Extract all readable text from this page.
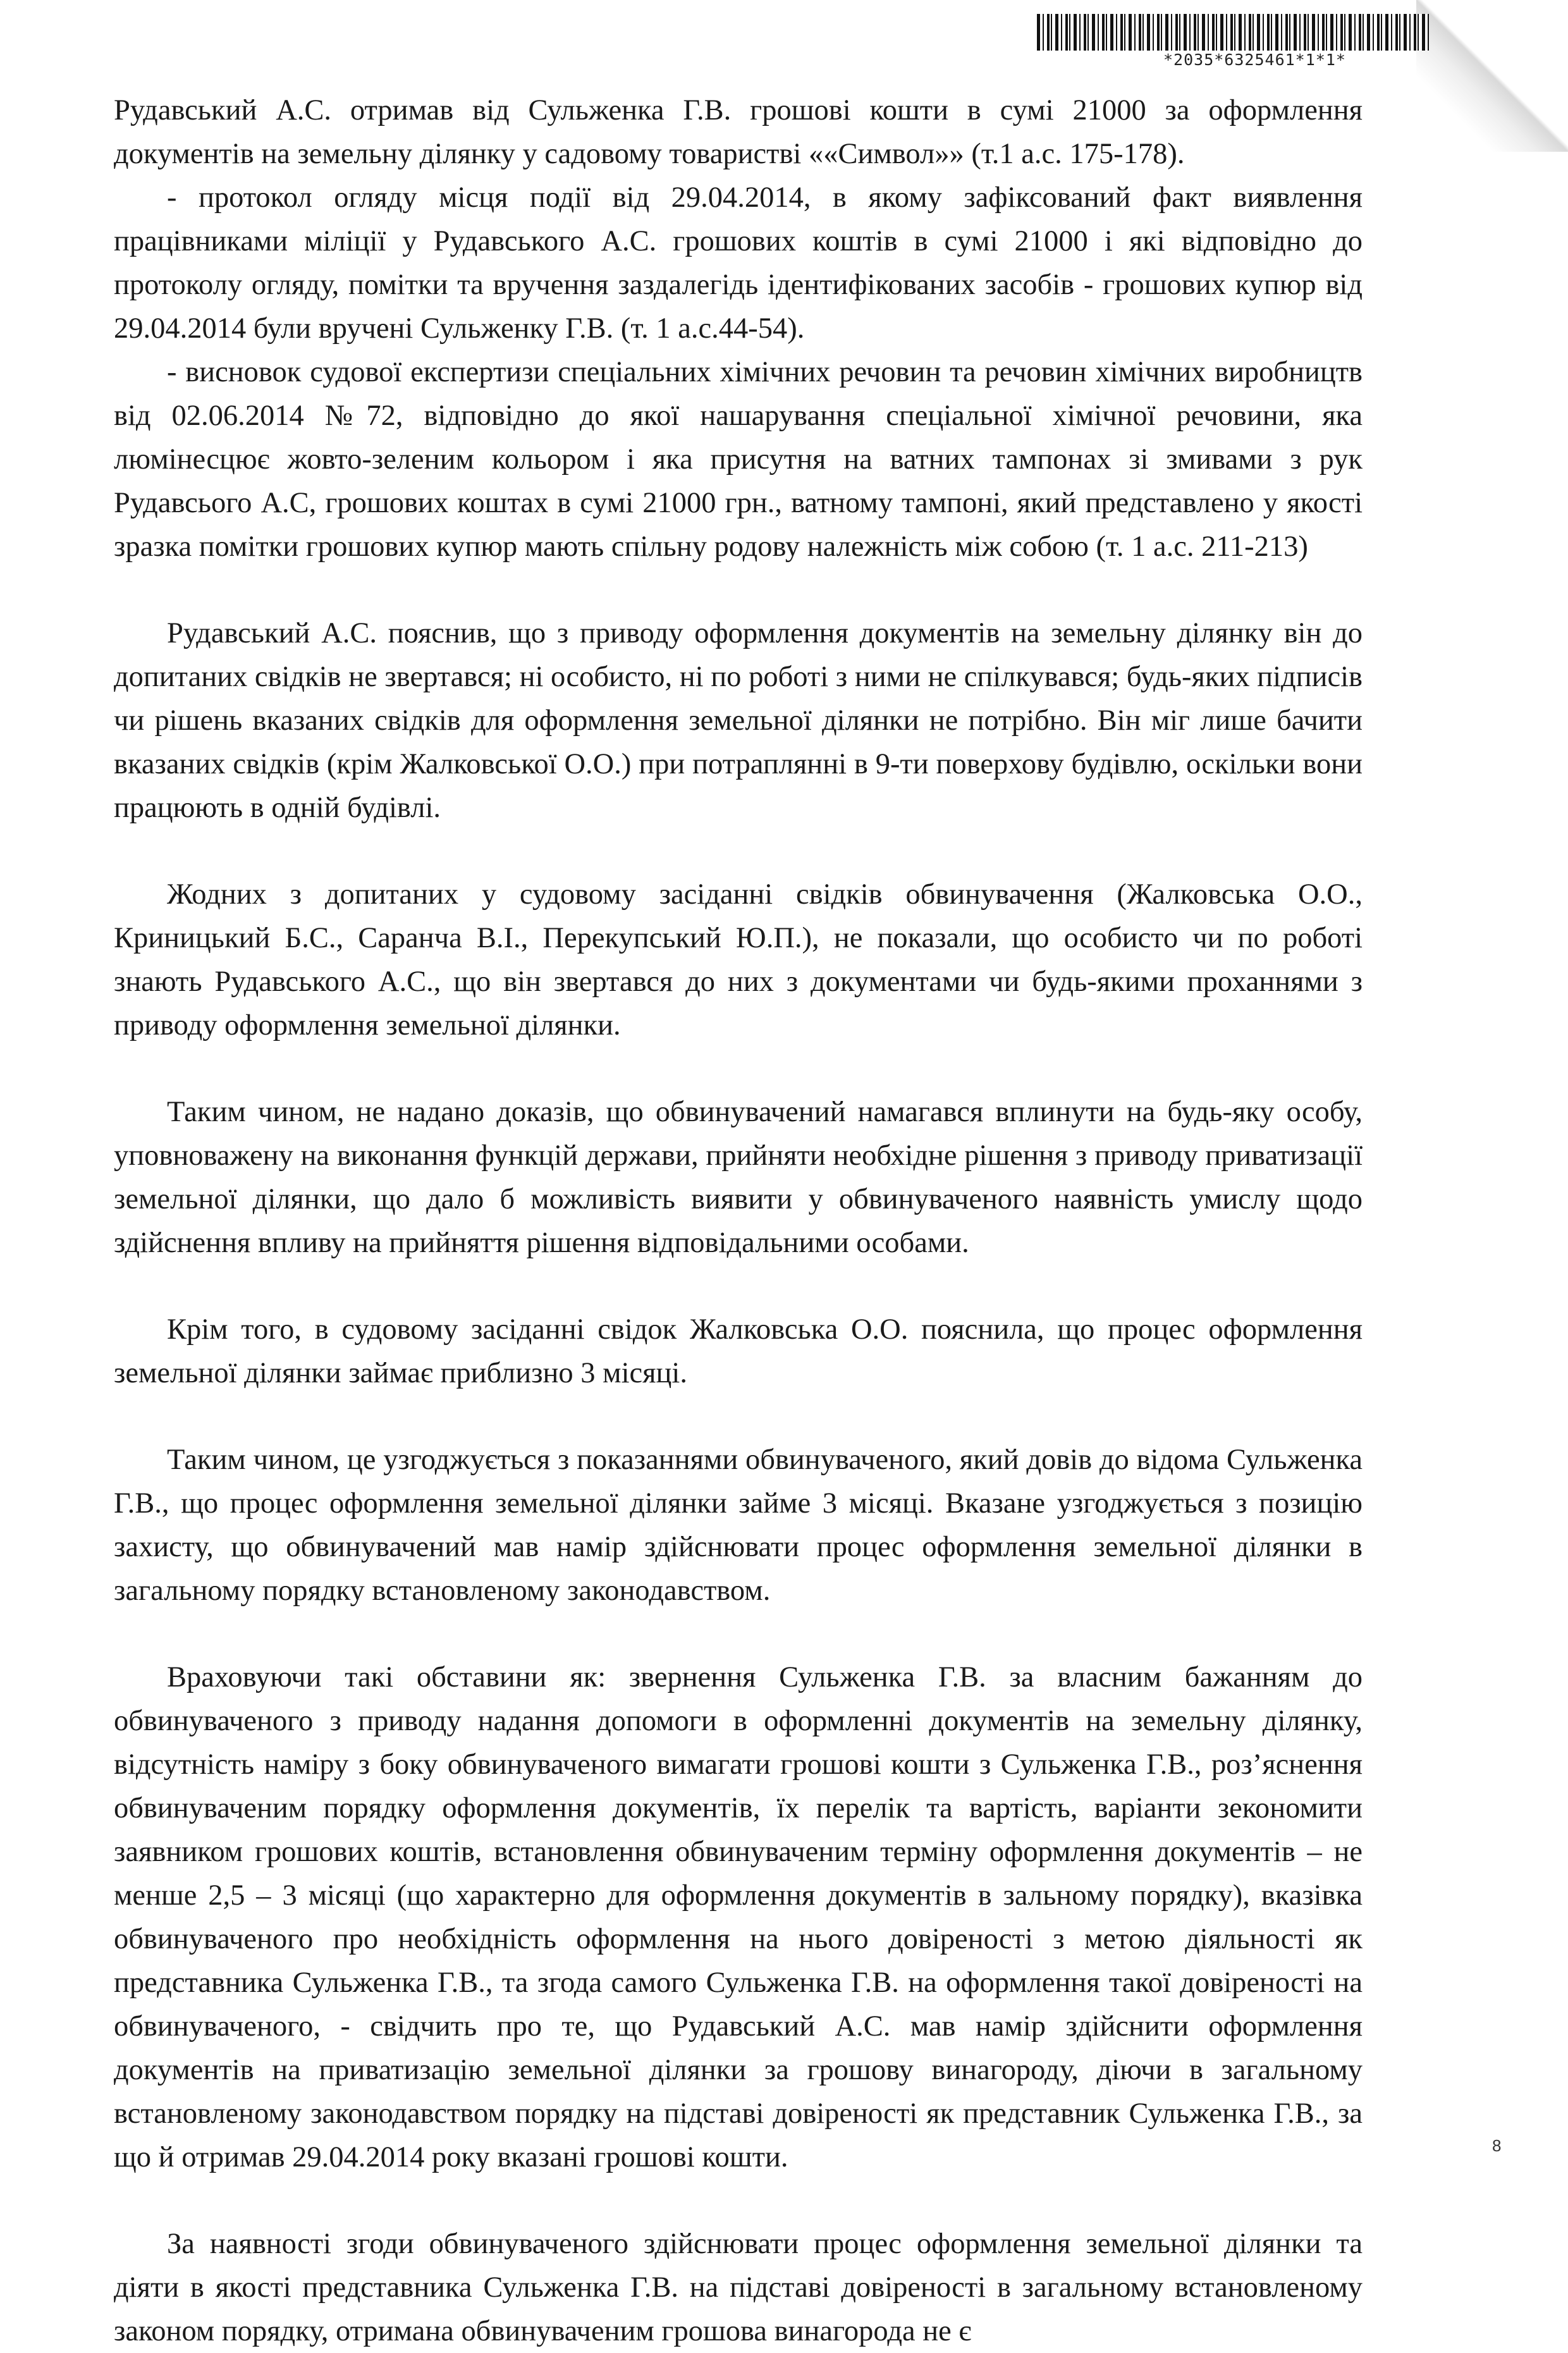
*2035*6325461*1*1*

Рудавський А.С. отримав від Сульженка Г.В. грошові кошти в сумі 21000 за оформлення документів на земельну ділянку у садовому товаристві ««Символ»» (т.1 а.с. 175-178).

- протокол огляду місця події від 29.04.2014, в якому зафіксований факт виявлення працівниками міліції у Рудавського А.С. грошових коштів в сумі 21000 і які відповідно до протоколу огляду, помітки та вручення заздалегідь ідентифікованих засобів - грошових купюр від 29.04.2014 були вручені Сульженку Г.В. (т. 1 а.с.44-54).

- висновок судової експертизи спеціальних хімічних речовин та речовин хімічних виробництв від 02.06.2014 №72, відповідно до якої нашарування спеціальної хімічної речовини, яка люмінесцює жовто-зеленим кольором і яка присутня на ватних тампонах зі змивами з рук Рудавсього А.С, грошових коштах в сумі 21000 грн., ватному тампоні, який представлено у якості зразка помітки грошових купюр мають спільну родову належність між собою (т. 1 а.с. 211-213)

Рудавський А.С. пояснив, що з приводу оформлення документів на земельну ділянку він до допитаних свідків не звертався; ні особисто, ні по роботі з ними не спілкувався; будь-яких підписів чи рішень вказаних свідків для оформлення земельної ділянки не потрібно. Він міг лише бачити вказаних свідків (крім Жалковської О.О.) при потраплянні в 9-ти поверхову будівлю, оскільки вони працюють в одній будівлі.

Жодних з допитаних у судовому засіданні свідків обвинувачення (Жалковська О.О., Криницький Б.С., Саранча В.І., Перекупський Ю.П.), не показали, що особисто чи по роботі знають Рудавського А.С., що він звертався до них з документами чи будь-якими проханнями з приводу оформлення земельної ділянки.

Таким чином, не надано доказів, що обвинувачений намагався вплинути на будь-яку особу, уповноважену на виконання функцій держави, прийняти необхідне рішення з приводу приватизації земельної ділянки, що дало б можливість виявити у обвинуваченого наявність умислу щодо здійснення впливу на прийняття рішення відповідальними особами.

Крім того, в судовому засіданні свідок Жалковська О.О. пояснила, що процес оформлення земельної ділянки займає приблизно 3 місяці.

Таким чином, це узгоджується з показаннями обвинуваченого, який довів до відома Сульженка Г.В., що процес оформлення земельної ділянки займе 3 місяці. Вказане узгоджується з позицію захисту, що обвинувачений мав намір здійснювати процес оформлення земельної ділянки в загальному порядку встановленому законодавством.

Враховуючи такі обставини як: звернення Сульженка Г.В. за власним бажанням до обвинуваченого з приводу надання допомоги в оформленні документів на земельну ділянку, відсутність наміру з боку обвинуваченого вимагати грошові кошти з Сульженка Г.В., роз’яснення обвинуваченим порядку оформлення документів, їх перелік та вартість, варіанти зекономити заявником грошових коштів, встановлення обвинуваченим терміну оформлення документів – не менше 2,5 – 3 місяці (що характерно для оформлення документів в зальному порядку), вказівка обвинуваченого про необхідність оформлення на нього довіреності з метою діяльності як представника Сульженка Г.В., та згода самого Сульженка Г.В. на оформлення такої довіреності на обвинуваченого, - свідчить про те, що Рудавський А.С. мав намір здійснити оформлення документів на приватизацію земельної ділянки за грошову винагороду, діючи в загальному встановленому законодавством порядку на підставі довіреності як представник Сульженка Г.В., за що й отримав 29.04.2014 року вказані грошові кошти.

За наявності згоди обвинуваченого здійснювати процес оформлення земельної ділянки та діяти в якості представника Сульженка Г.В. на підставі довіреності в загальному встановленому законом порядку, отримана обвинуваченим грошова винагорода не є

8
